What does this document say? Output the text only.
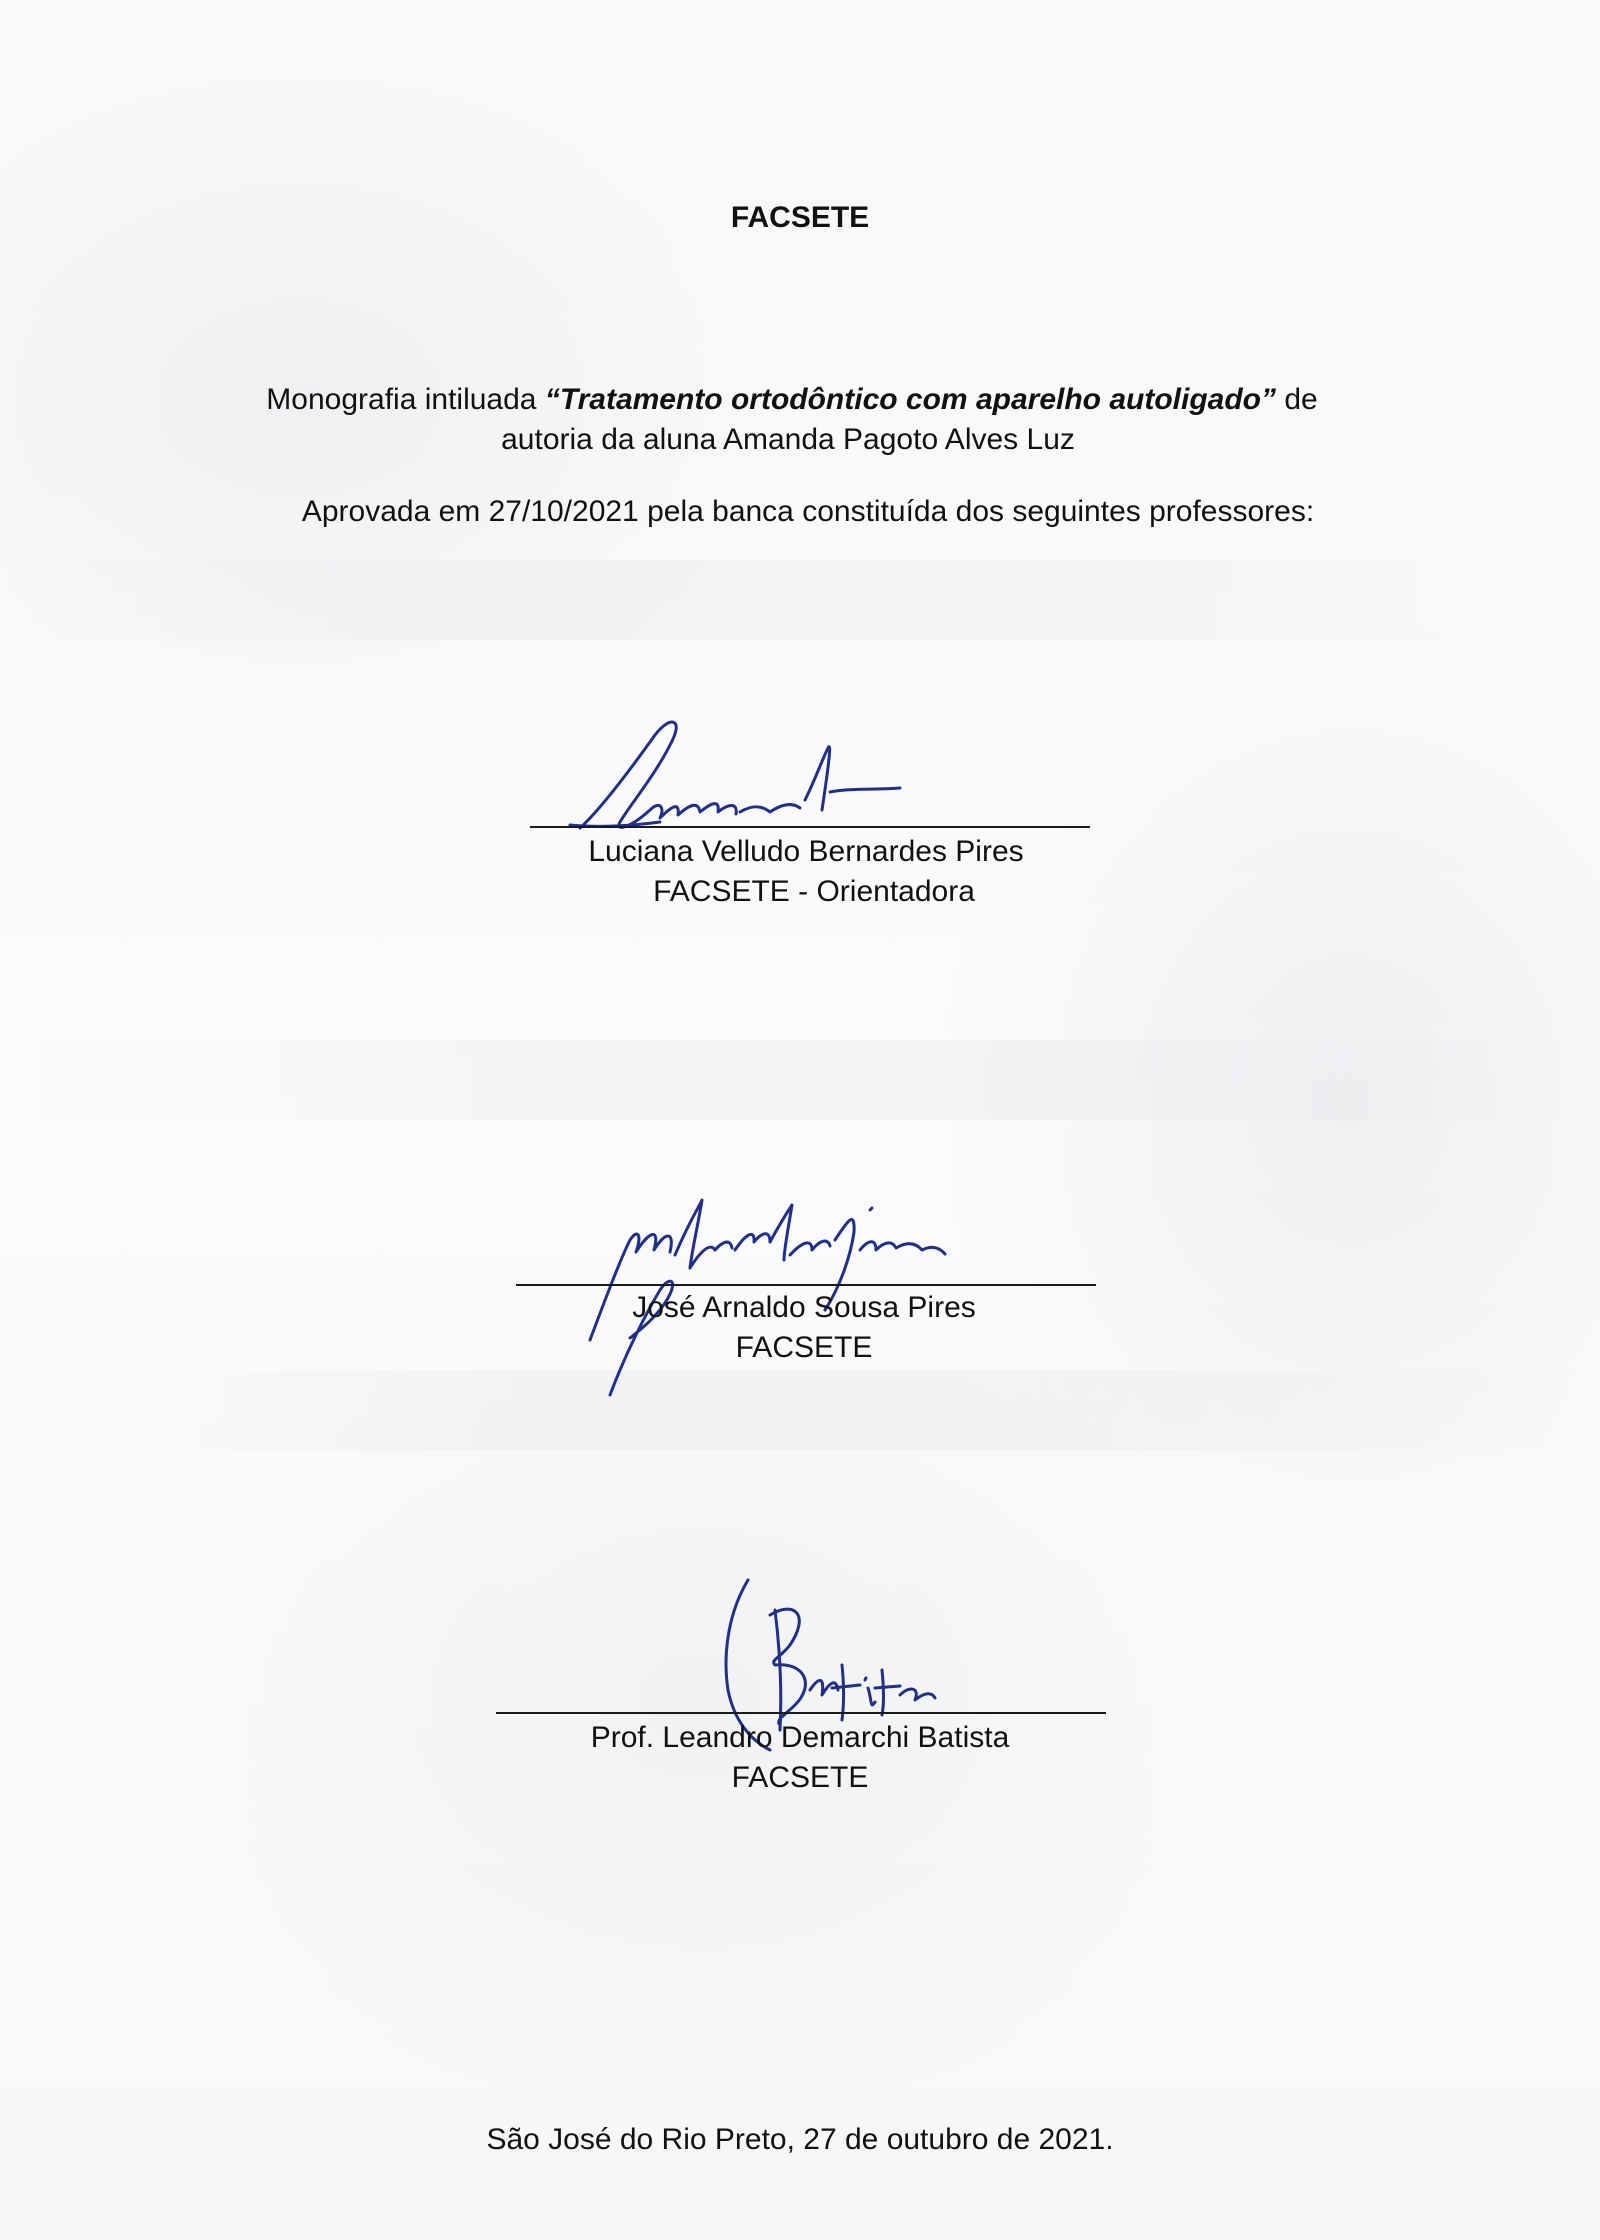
FACSETE
Monografia intiluada “Tratamento ortodôntico com aparelho autoligado” de
autoria da aluna Amanda Pagoto Alves Luz
Aprovada em 27/10/2021 pela banca constituída dos seguintes professores:
Luciana Velludo Bernardes Pires
FACSETE - Orientadora
José Arnaldo Sousa Pires
FACSETE
Prof. Leandro Demarchi Batista
FACSETE
São José do Rio Preto, 27 de outubro de 2021.
